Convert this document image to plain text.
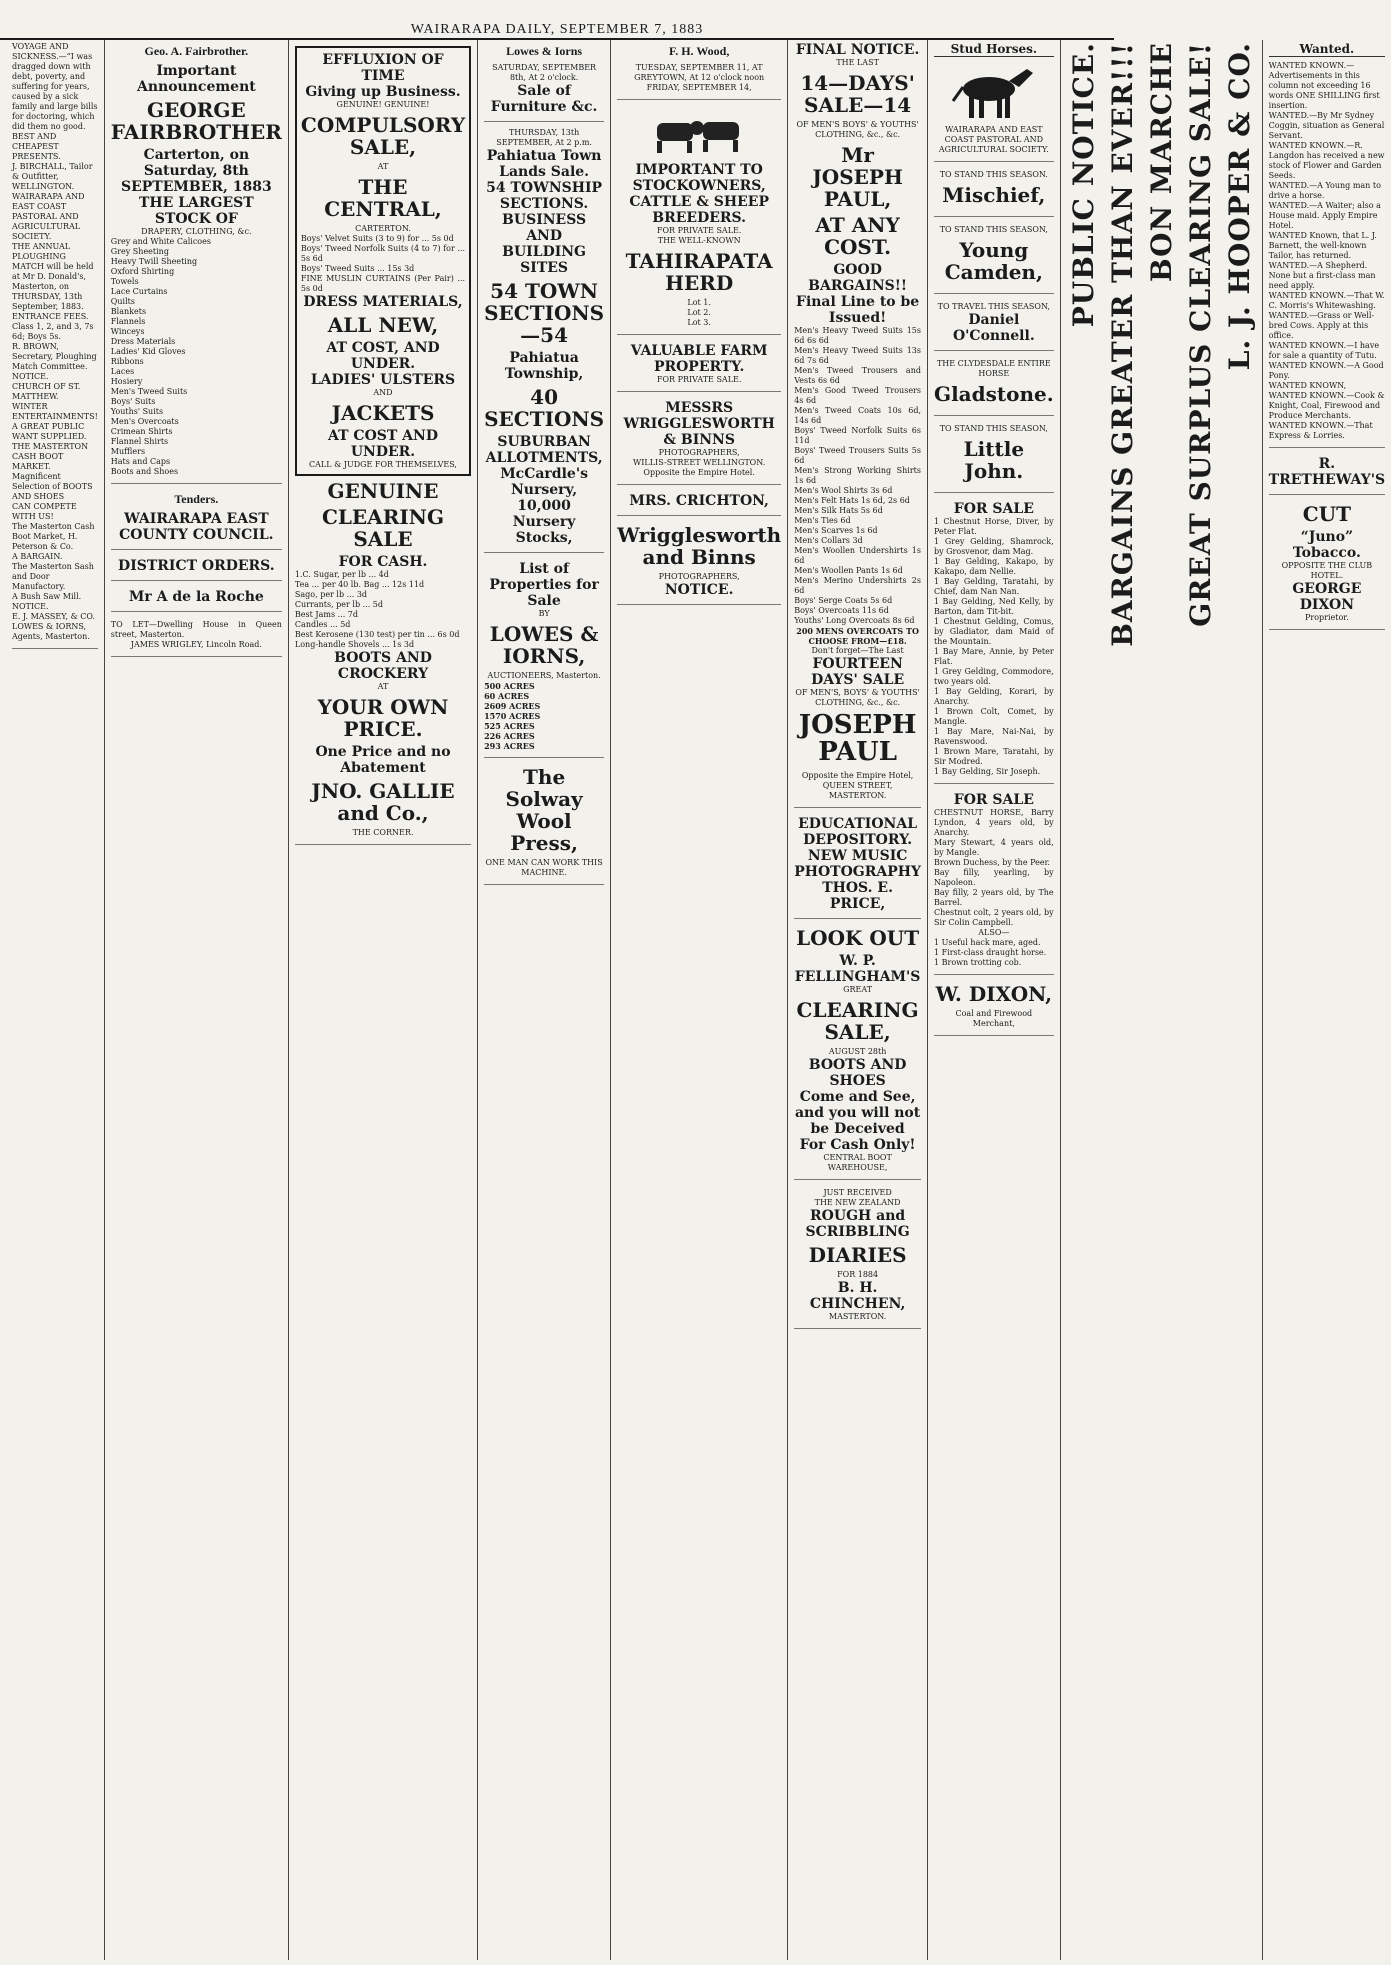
WAIRARAPA DAILY, SEPTEMBER 7, 1883
VOYAGE AND SICKNESS.—“I was dragged down with debt, poverty, and suffering for years, caused by a sick family and large bills for doctoring, which did them no good.
BEST AND CHEAPEST PRESENTS.
J. BIRCHALL, Tailor & Outfitter,
WELLINGTON.
WAIRARAPA AND EAST COAST PASTORAL AND AGRICULTURAL SOCIETY.
THE ANNUAL PLOUGHING MATCH will be held at Mr D. Donald's, Masterton, on THURSDAY, 13th September, 1883.
ENTRANCE FEES.
Class 1, 2, and 3, 7s 6d; Boys 5s.
R. BROWN, Secretary, Ploughing Match Committee.
NOTICE.
CHURCH OF ST. MATTHEW.
WINTER ENTERTAINMENTS!
A GREAT PUBLIC WANT SUPPLIED.
THE MASTERTON CASH BOOT MARKET.
Magnificent Selection of BOOTS AND SHOES
CAN COMPETE WITH US!
The Masterton Cash Boot Market, H. Peterson & Co.
A BARGAIN.
The Masterton Sash and Door Manufactory.
A Bush Saw Mill.
NOTICE.
E. J. MASSEY, & CO.
LOWES & IORNS, Agents, Masterton.
Geo. A. Fairbrother.
Important Announcement
GEORGE FAIRBROTHER
Carterton, on Saturday, 8th SEPTEMBER, 1883
THE LARGEST STOCK OF
DRAPERY, CLOTHING, &c.
Grey and White Calicoes
Grey Sheeting
Heavy Twill Sheeting
Oxford Shirting
Towels
Lace Curtains
Quilts
Blankets
Flannels
Winceys
Dress Materials
Ladies' Kid Gloves
Ribbons
Laces
Hosiery
Men's Tweed Suits
Boys' Suits
Youths' Suits
Men's Overcoats
Crimean Shirts
Flannel Shirts
Mufflers
Hats and Caps
Boots and Shoes
Tenders.
WAIRARAPA EAST COUNTY COUNCIL.
DISTRICT ORDERS.
Mr A de la Roche
TO LET—Dwelling House in Queen street, Masterton.
JAMES WRIGLEY, Lincoln Road.
EFFLUXION OF TIME
Giving up Business.
GENUINE! GENUINE!
COMPULSORY SALE,
AT
THE CENTRAL,
CARTERTON.
Boys' Velvet Suits (3 to 9) for ... 5s 0d
Boys' Tweed Norfolk Suits (4 to 7) for ... 5s 6d
Boys' Tweed Suits ... 15s 3d
FINE MUSLIN CURTAINS (Per Pair) ... 5s 0d
DRESS MATERIALS,
ALL NEW,
AT COST, AND UNDER.
LADIES' ULSTERS
AND
JACKETS
AT COST AND UNDER.
CALL & JUDGE FOR THEMSELVES,
GENUINE
CLEARING SALE
FOR CASH.
1.C. Sugar, per lb ... 4d
Tea ... per 40 lb. Bag ... 12s 11d
Sago, per lb ... 3d
Currants, per lb ... 5d
Best Jams ... 7d
Candles ... 5d
Best Kerosene (130 test) per tin ... 6s 0d
Long-handle Shovels ... 1s 3d
BOOTS AND CROCKERY
AT
YOUR OWN PRICE.
One Price and no Abatement
JNO. GALLIE and Co.,
THE CORNER.
Lowes & Iorns
SATURDAY, SEPTEMBER 8th, At 2 o'clock.
Sale of Furniture &c.
THURSDAY, 13th SEPTEMBER, At 2 p.m.
Pahiatua Town Lands Sale.
54 TOWNSHIP SECTIONS.
BUSINESS AND BUILDING SITES
54 TOWN SECTIONS—54
Pahiatua Township,
40 SECTIONS
SUBURBAN ALLOTMENTS,
McCardle's Nursery,
10,000 Nursery Stocks,
List of Properties for Sale
BY
LOWES & IORNS,
AUCTIONEERS, Masterton.
500 ACRES
60 ACRES
2609 ACRES
1570 ACRES
525 ACRES
226 ACRES
293 ACRES
The Solway Wool Press,
ONE MAN CAN WORK THIS MACHINE.
F. H. Wood,
TUESDAY, SEPTEMBER 11, AT GREYTOWN, At 12 o'clock noon
FRIDAY, SEPTEMBER 14,
IMPORTANT TO STOCKOWNERS, CATTLE & SHEEP BREEDERS.
FOR PRIVATE SALE.
THE WELL-KNOWN
TAHIRAPATA HERD
Lot 1.
Lot 2.
Lot 3.
VALUABLE FARM PROPERTY.
FOR PRIVATE SALE.
MESSRS WRIGGLESWORTH & BINNS
PHOTOGRAPHERS,
WILLIS-STREET WELLINGTON.
Opposite the Empire Hotel.
MRS. CRICHTON,
Wrigglesworth and Binns
PHOTOGRAPHERS,
NOTICE.
FINAL NOTICE.
THE LAST
14—DAYS' SALE—14
OF MEN'S BOYS' & YOUTHS' CLOTHING, &c., &c.
Mr JOSEPH PAUL,
AT ANY COST.
GOOD BARGAINS!!
Final Line to be Issued!
Men's Heavy Tweed Suits 15s 6d 6s 6d
Men's Heavy Tweed Suits 13s 6d 7s 6d
Men's Tweed Trousers and Vests 6s 6d
Men's Good Tweed Trousers 4s 6d
Men's Tweed Coats 10s 6d, 14s 6d
Boys' Tweed Norfolk Suits 6s 11d
Boys' Tweed Trousers Suits 5s 6d
Men's Strong Working Shirts 1s 6d
Men's Wool Shirts 3s 6d
Men's Felt Hats 1s 6d, 2s 6d
Men's Silk Hats 5s 6d
Men's Ties 6d
Men's Scarves 1s 6d
Men's Collars 3d
Men's Woollen Undershirts 1s 6d
Men's Woollen Pants 1s 6d
Men's Merino Undershirts 2s 6d
Boys' Serge Coats 5s 6d
Boys' Overcoats 11s 6d
Youths' Long Overcoats 8s 6d
200 MENS OVERCOATS TO CHOOSE FROM—£18.
Don't forget—The Last
FOURTEEN DAYS' SALE
OF MEN'S, BOYS' & YOUTHS' CLOTHING, &c., &c.
JOSEPH PAUL
Opposite the Empire Hotel, QUEEN STREET, MASTERTON.
EDUCATIONAL DEPOSITORY.
NEW MUSIC
PHOTOGRAPHY
THOS. E. PRICE,
LOOK OUT
W. P. FELLINGHAM'S
GREAT
CLEARING SALE,
AUGUST 28th
BOOTS AND SHOES
Come and See, and you will not be Deceived
For Cash Only!
CENTRAL BOOT WAREHOUSE,
JUST RECEIVED
THE NEW ZEALAND
ROUGH and SCRIBBLING
DIARIES
FOR 1884
B. H. CHINCHEN,
MASTERTON.
Stud Horses.
WAIRARAPA AND EAST COAST PASTORAL AND AGRICULTURAL SOCIETY.
TO STAND THIS SEASON.
Mischief,
TO STAND THIS SEASON,
Young Camden,
TO TRAVEL THIS SEASON,
Daniel O'Connell.
THE CLYDESDALE ENTIRE HORSE
Gladstone.
TO STAND THIS SEASON,
Little John.
FOR SALE
1 Chestnut Horse, Diver, by Peter Flat.
1 Grey Gelding, Shamrock, by Grosvenor, dam Mag.
1 Bay Gelding, Kakapo, by Kakapo, dam Nellie.
1 Bay Gelding, Taratahi, by Chief, dam Nan Nan.
1 Bay Gelding, Ned Kelly, by Barton, dam Tit-bit.
1 Chestnut Gelding, Comus, by Gladiator, dam Maid of the Mountain.
1 Bay Mare, Annie, by Peter Flat.
1 Grey Gelding, Commodore, two years old.
1 Bay Gelding, Korari, by Anarchy.
1 Brown Colt, Comet, by Mangle.
1 Bay Mare, Nai-Nai, by Ravenswood.
1 Brown Mare, Taratahi, by Sir Modred.
1 Bay Gelding, Sir Joseph.
FOR SALE
CHESTNUT HORSE, Barry Lyndon, 4 years old, by Anarchy.
Mary Stewart, 4 years old, by Mangle.
Brown Duchess, by the Peer.
Bay filly, yearling, by Napoleon.
Bay filly, 2 years old, by The Barrel.
Chestnut colt, 2 years old, by Sir Colin Campbell.
ALSO—
1 Useful hack mare, aged.
1 First-class draught horse.
1 Brown trotting cob.
W. DIXON,
Coal and Firewood Merchant,
PUBLIC NOTICE. BARGAINS GREATER THAN EVER!!! BON MARCHE GREAT SURPLUS CLEARING SALE! L. J. HOOPER & CO.	Wanted.
WANTED KNOWN.—Advertisements in this column not exceeding 16 words ONE SHILLING first insertion.
WANTED.—By Mr Sydney Coggin, situation as General Servant.
WANTED KNOWN.—R. Langdon has received a new stock of Flower and Garden Seeds.
WANTED.—A Young man to drive a horse.
WANTED.—A Waiter; also a House maid. Apply Empire Hotel.
WANTED Known, that L. J. Barnett, the well-known Tailor, has returned.
WANTED.—A Shepherd. None but a first-class man need apply.
WANTED KNOWN.—That W. C. Morris's Whitewashing.
WANTED.—Grass or Well-bred Cows. Apply at this office.
WANTED KNOWN.—I have for sale a quantity of Tutu.
WANTED KNOWN.—A Good Pony.
WANTED KNOWN,
WANTED KNOWN.—Cook & Knight, Coal, Firewood and Produce Merchants.
WANTED KNOWN.—That Express & Lorries.
R. TRETHEWAY'S
CUT
“Juno” Tobacco.
OPPOSITE THE CLUB HOTEL.
GEORGE DIXON
Proprietor.
